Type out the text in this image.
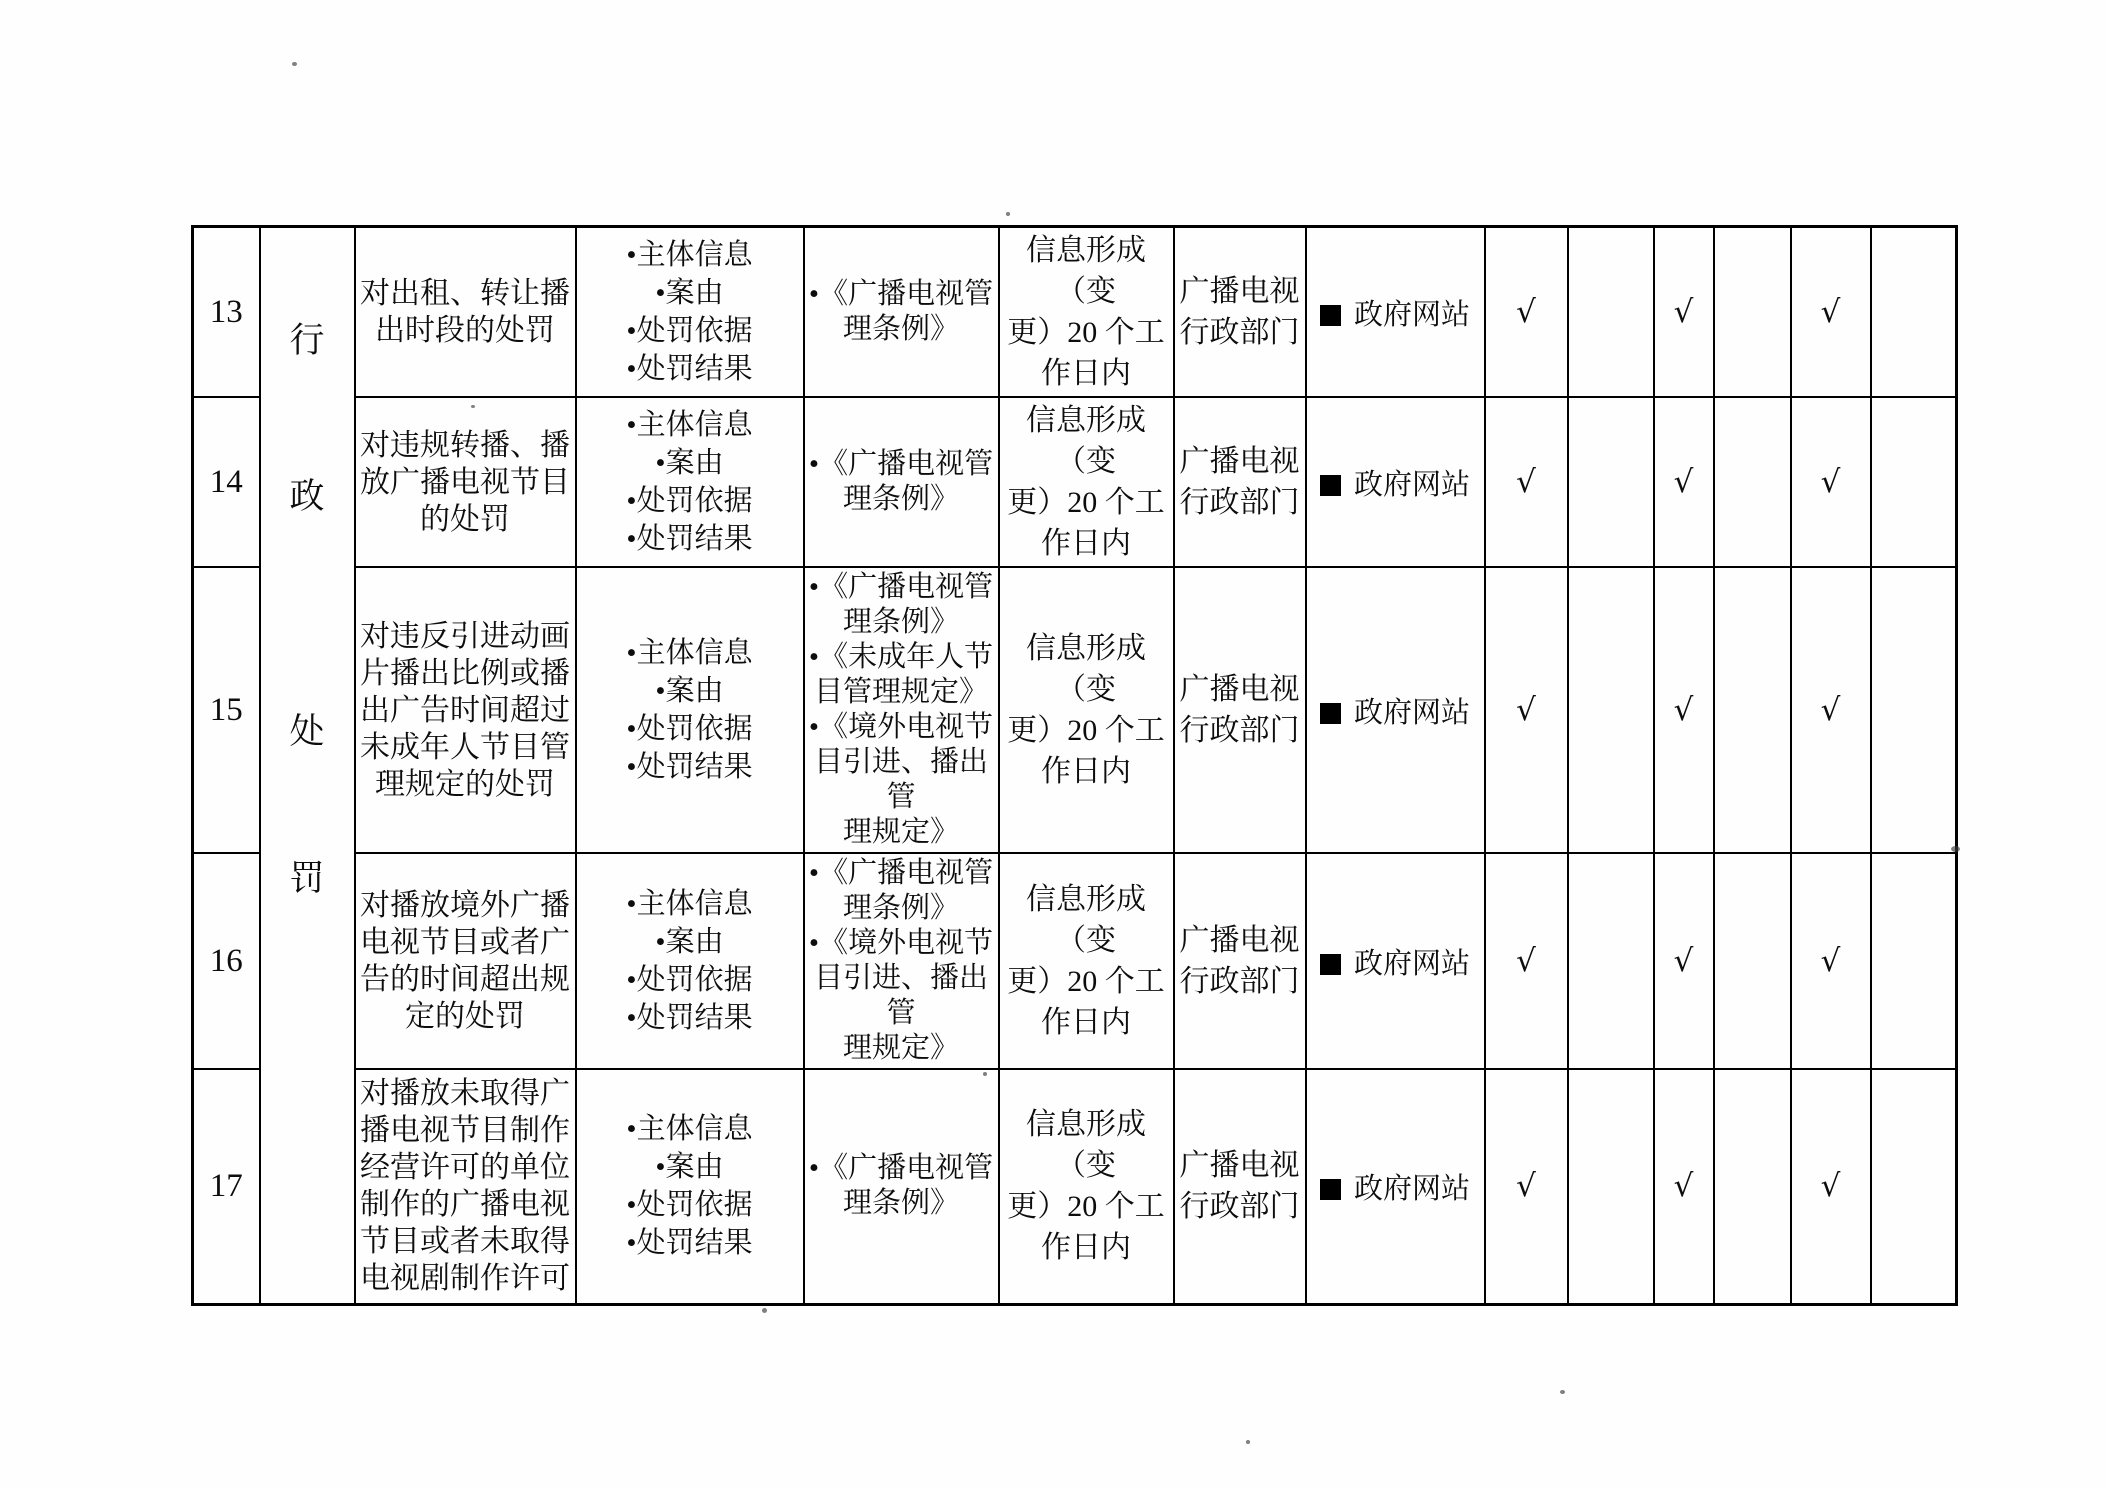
13	
行
政
处
罚

对出租、转让播
出时段的处罚

•主体信息
•案由
•处罚依据
•处罚结果

•《广播电视管
理条例》

信息形成（变
更）20 个工
作日内

广播电视
行政部门
	政府网站	√		√		√	
14	
对违规转播、播
放广播电视节目
的处罚

•主体信息
•案由
•处罚依据
•处罚结果

•《广播电视管
理条例》

信息形成（变
更）20 个工
作日内

广播电视
行政部门
	政府网站	√		√		√	
15	
对违反引进动画
片播出比例或播
出广告时间超过
未成年人节目管
理规定的处罚

•主体信息
•案由
•处罚依据
•处罚结果

•《广播电视管
理条例》
•《未成年人节
目管理规定》
•《境外电视节
目引进、播出管
理规定》

信息形成（变
更）20 个工
作日内

广播电视
行政部门
	政府网站	√		√		√	
16	
对播放境外广播
电视节目或者广
告的时间超出规
定的处罚

•主体信息
•案由
•处罚依据
•处罚结果

•《广播电视管
理条例》
•《境外电视节
目引进、播出管
理规定》

信息形成（变
更）20 个工
作日内

广播电视
行政部门
	政府网站	√		√		√	
17	
对播放未取得广
播电视节目制作
经营许可的单位
制作的广播电视
节目或者未取得
电视剧制作许可

•主体信息
•案由
•处罚依据
•处罚结果

•《广播电视管
理条例》

信息形成（变
更）20 个工
作日内

广播电视
行政部门
	政府网站	√		√		√	
